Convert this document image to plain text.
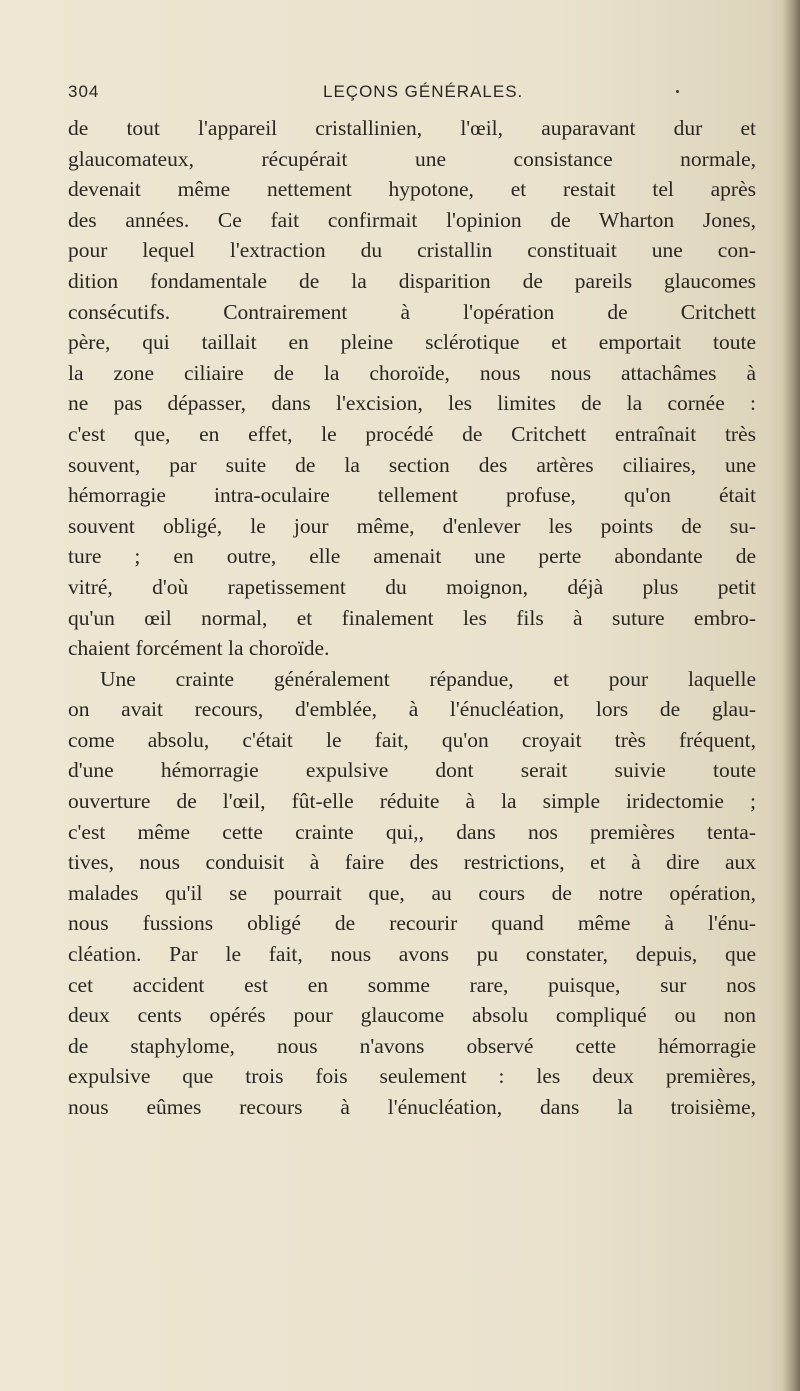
304	LEÇONS GÉNÉRALES.
de tout l'appareil cristallinien, l'œil, auparavant dur et
glaucomateux, récupérait une consistance normale,
devenait même nettement hypotone, et restait tel après
des années. Ce fait confirmait l'opinion de Wharton Jones,
pour lequel l'extraction du cristallin constituait une con-
dition fondamentale de la disparition de pareils glaucomes
consécutifs. Contrairement à l'opération de Critchett
père, qui taillait en pleine sclérotique et emportait toute
la zone ciliaire de la choroïde, nous nous attachâmes à
ne pas dépasser, dans l'excision, les limites de la cornée :
c'est que, en effet, le procédé de Critchett entraînait très
souvent, par suite de la section des artères ciliaires, une
hémorragie intra-oculaire tellement profuse, qu'on était
souvent obligé, le jour même, d'enlever les points de su-
ture ; en outre, elle amenait une perte abondante de
vitré, d'où rapetissement du moignon, déjà plus petit
qu'un œil normal, et finalement les fils à suture embro-
chaient forcément la choroïde.
Une crainte généralement répandue, et pour laquelle
on avait recours, d'emblée, à l'énucléation, lors de glau-
come absolu, c'était le fait, qu'on croyait très fréquent,
d'une hémorragie expulsive dont serait suivie toute
ouverture de l'œil, fût-elle réduite à la simple iridectomie ;
c'est même cette crainte qui,, dans nos premières tenta-
tives, nous conduisit à faire des restrictions, et à dire aux
malades qu'il se pourrait que, au cours de notre opération,
nous fussions obligé de recourir quand même à l'énu-
cléation. Par le fait, nous avons pu constater, depuis, que
cet accident est en somme rare, puisque, sur nos
deux cents opérés pour glaucome absolu compliqué ou non
de staphylome, nous n'avons observé cette hémorragie
expulsive que trois fois seulement : les deux premières,
nous eûmes recours à l'énucléation, dans la troisième,
